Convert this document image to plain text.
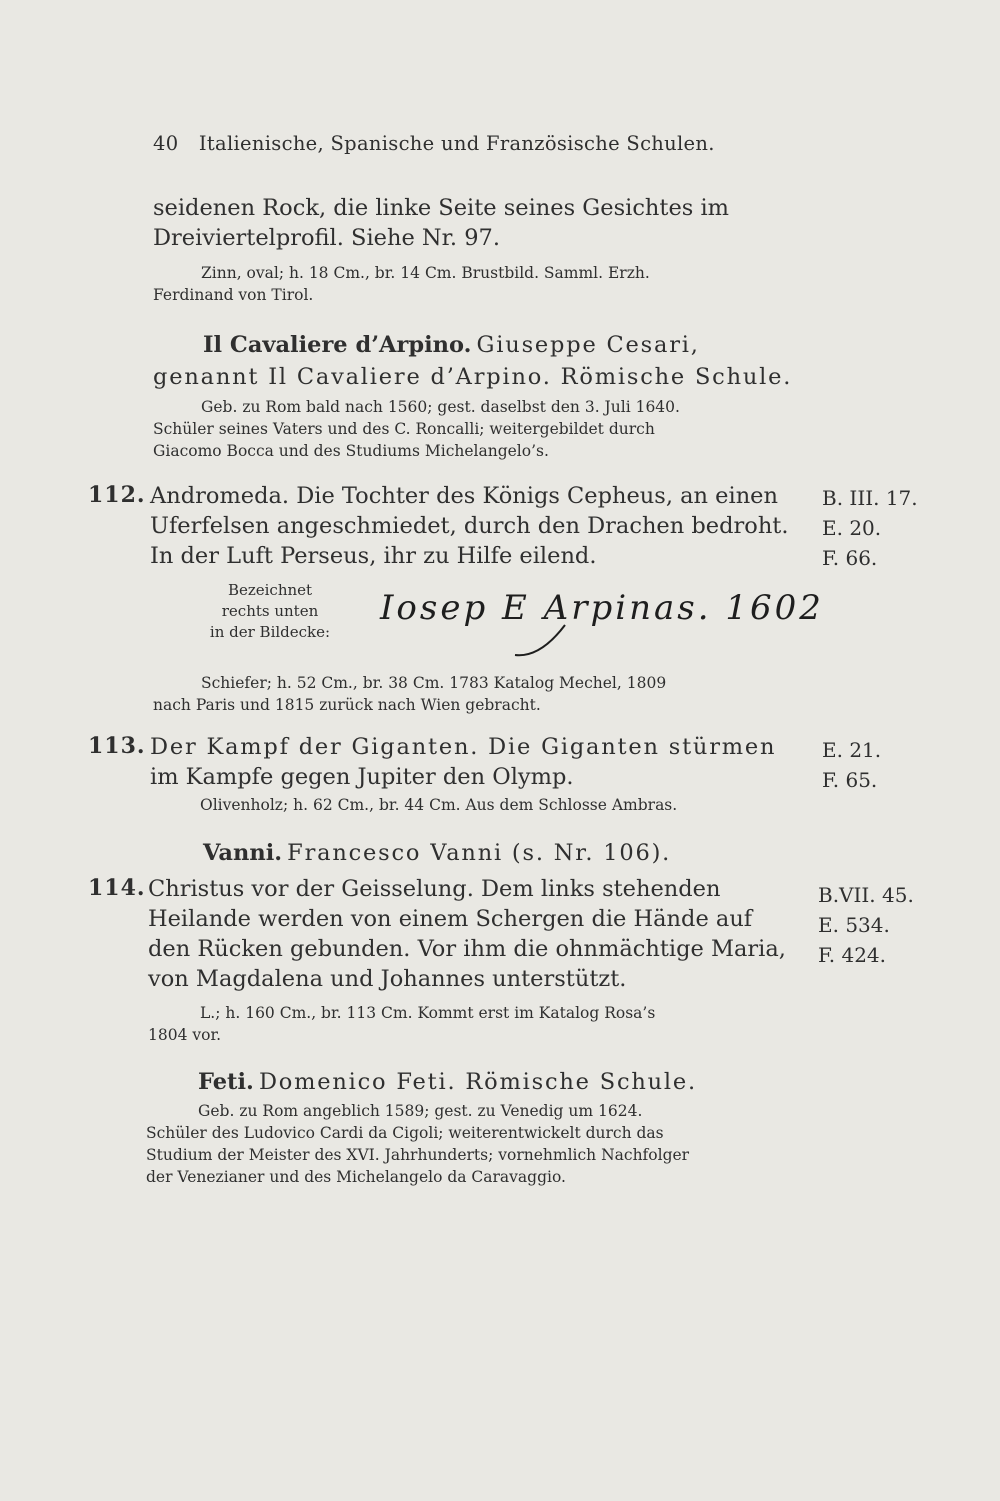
40 Italienische, Spanische und Französische Schulen.
seidenen Rock, die linke Seite seines Gesichtes im
Dreiviertelprofil. Siehe Nr. 97.
Zinn, oval; h. 18 Cm., br. 14 Cm. Brustbild. Samml. Erzh.
Ferdinand von Tirol.
Il Cavaliere d’Arpino. Giuseppe Cesari,
genannt Il Cavaliere d’Arpino. Römische Schule.
Geb. zu Rom bald nach 1560; gest. daselbst den 3. Juli 1640.
Schüler seines Vaters und des C. Roncalli; weitergebildet durch
Giacomo Bocca und des Studiums Michelangelo’s.
112. Andromeda. Die Tochter des Königs Cepheus, an einen
Uferfelsen angeschmiedet, durch den Drachen bedroht.
In der Luft Perseus, ihr zu Hilfe eilend.
B. III. 17.
E. 20.
F. 66.
Bezeichnet
rechts unten
in der Bildecke:
Iosep E Arpinas. 1602
Schiefer; h. 52 Cm., br. 38 Cm. 1783 Katalog Mechel, 1809
nach Paris und 1815 zurück nach Wien gebracht.
113. Der Kampf der Giganten. Die Giganten stürmen
im Kampfe gegen Jupiter den Olymp.
E. 21.
F. 65.
Olivenholz; h. 62 Cm., br. 44 Cm. Aus dem Schlosse Ambras.
Vanni. Francesco Vanni (s. Nr. 106).
114. Christus vor der Geisselung. Dem links stehenden
Heilande werden von einem Schergen die Hände auf
den Rücken gebunden. Vor ihm die ohnmächtige Maria,
von Magdalena und Johannes unterstützt.
B.VII. 45.
E. 534.
F. 424.
L.; h. 160 Cm., br. 113 Cm. Kommt erst im Katalog Rosa’s
1804 vor.
Feti. Domenico Feti. Römische Schule.
Geb. zu Rom angeblich 1589; gest. zu Venedig um 1624.
Schüler des Ludovico Cardi da Cigoli; weiterentwickelt durch das
Studium der Meister des XVI. Jahrhunderts; vornehmlich Nachfolger
der Venezianer und des Michelangelo da Caravaggio.
